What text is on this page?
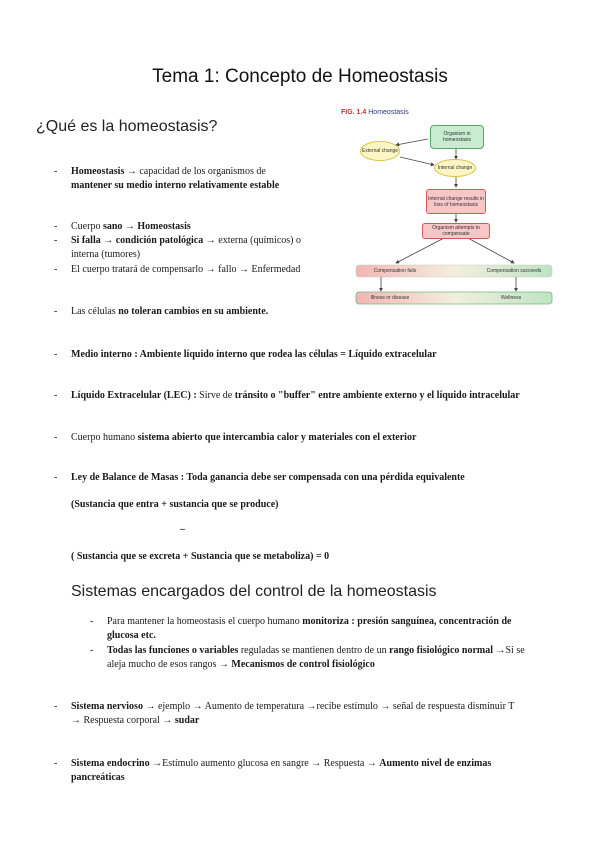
Tema 1: Concepto de Homeostasis
¿Qué es la homeostasis?
FIG. 1.4 Homeostasis
Organism in homeostasis
External change
Internal change
Internal change results in loss of homeostasis
Organism attempts to compensate
Compensation fails	Compensation succeeds
Illness or disease	Wellness
- Homeostasis → capacidad de los organismos de
mantener su medio interno relativamente estable
- Cuerpo sano → Homeostasis
- Si falla → condición patológica → externa (químicos) o
interna (tumores)
- El cuerpo tratará de compensarlo → fallo → Enfermedad
- Las células no toleran cambios en su ambiente.
- Medio interno : Ambiente líquido interno que rodea las células = Líquido extracelular
- Líquido Extracelular (LEC) : Sirve de tránsito o "buffer" entre ambiente externo y el líquido intracelular
- Cuerpo humano sistema abierto que intercambia calor y materiales con el exterior
- Ley de Balance de Masas : Toda ganancia debe ser compensada con una pérdida equivalente
(Sustancia que entra + sustancia que se produce)
–
( Sustancia que se excreta + Sustancia que se metaboliza) = 0
Sistemas encargados del control de la homeostasis
- Para mantener la homeostasis el cuerpo humano monitoriza : presión sanguínea, concentración de
glucosa etc.
- Todas las funciones o variables reguladas se mantienen dentro de un rango fisiológico normal →Si se
aleja mucho de esos rangos → Mecanismos de control fisiológico
- Sistema nervioso → ejemplo → Aumento de temperatura →recibe estímulo → señal de respuesta disminuir T
→ Respuesta corporal → sudar
- Sistema endocrino →Estímulo aumento glucosa en sangre → Respuesta → Aumento nivel de enzimas
pancreáticas
